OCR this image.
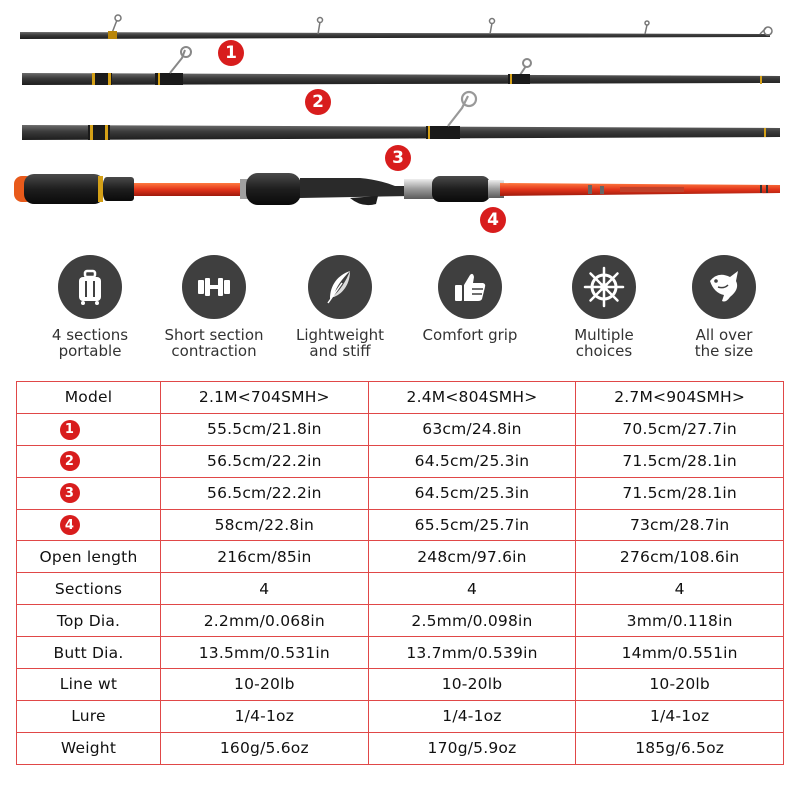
1
2
3
4
4 sections
portable
Short section
contraction
Lightweight
and stiff
Comfort grip	Multiple choices
All over
the size
Model	2.1M<704SMH>	2.4M<804SMH>	2.7M<904SMH>
1	55.5cm/21.8in	63cm/24.8in	70.5cm/27.7in
2	56.5cm/22.2in	64.5cm/25.3in	71.5cm/28.1in
3	56.5cm/22.2in	64.5cm/25.3in	71.5cm/28.1in
4	58cm/22.8in	65.5cm/25.7in	73cm/28.7in
Open length	216cm/85in	248cm/97.6in	276cm/108.6in
Sections	4	4	4
Top Dia.	2.2mm/0.068in	2.5mm/0.098in	3mm/0.118in
Butt Dia.	13.5mm/0.531in	13.7mm/0.539in	14mm/0.551in
Line wt	10-20lb	10-20lb	10-20lb
Lure	1/4-1oz	1/4-1oz	1/4-1oz
Weight	160g/5.6oz	170g/5.9oz	185g/6.5oz
